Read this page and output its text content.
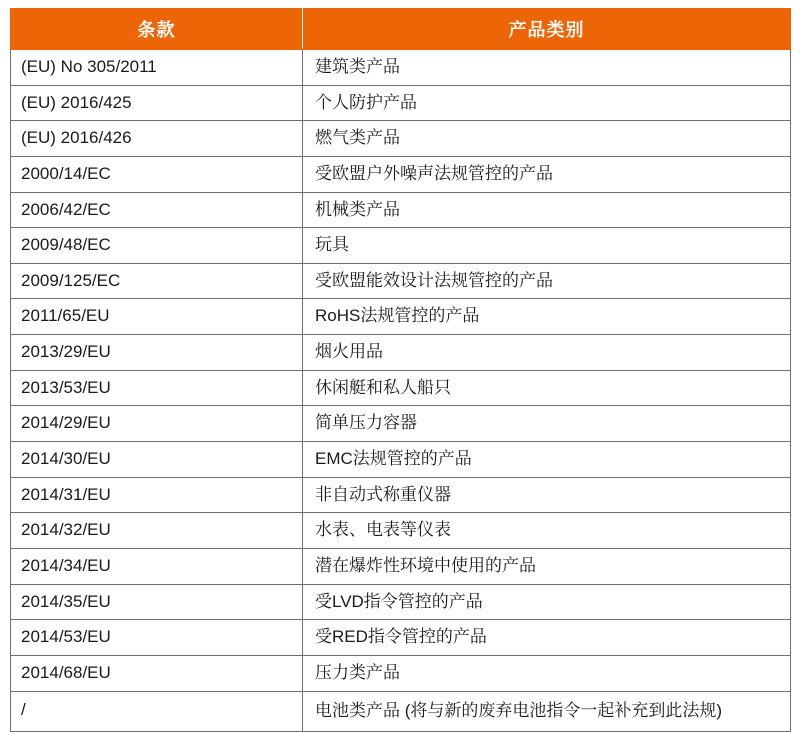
条款	产品类别
(EU) No 305/2011	建筑类产品
(EU) 2016/425	个人防护产品
(EU) 2016/426	燃气类产品
2000/14/EC	受欧盟户外噪声法规管控的产品
2006/42/EC	机械类产品
2009/48/EC	玩具
2009/125/EC	受欧盟能效设计法规管控的产品
2011/65/EU	RoHS法规管控的产品
2013/29/EU	烟火用品
2013/53/EU	休闲艇和私人船只
2014/29/EU	简单压力容器
2014/30/EU	EMC法规管控的产品
2014/31/EU	非自动式称重仪器
2014/32/EU	水表、电表等仪表
2014/34/EU	潜在爆炸性环境中使用的产品
2014/35/EU	受LVD指令管控的产品
2014/53/EU	受RED指令管控的产品
2014/68/EU	压力类产品
/	电池类产品 (将与新的废弃电池指令一起补充到此法规)
